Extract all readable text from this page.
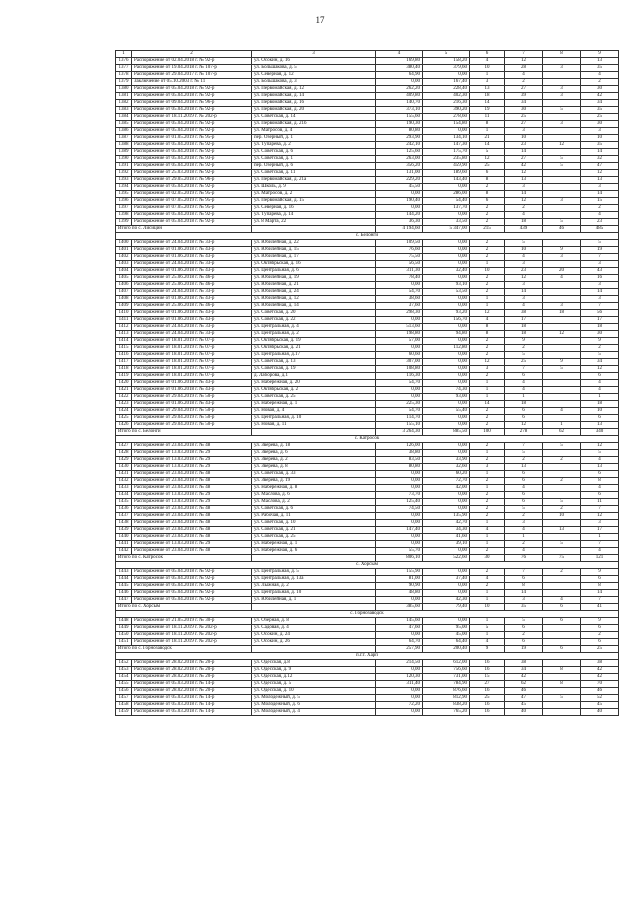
17
1	2	3	4	5	6	7	8	9
1376	Распоряжение от 02.04.2018 г. № 92-р	ул. Осокин, д. 16	169,80	158,20	4	12		13
1377	Распоряжение от 19.04.2018 г. № 107-р	ул. Большакова, д. 5	380,40	379,60	10	28	3	35
1378	Распоряжение от 29.04.2017 г. № 107-р	ул. Северная, д. 12	64,90	0,00	1	4		4
1379	Заключение от 05.10.2003 г. № 11	ул. Большакова, д. 3	0,00	167,40	3	2		2
1380	Распоряжение от 05.04.2018 г. № 92-р	ул. Первомайская, д. 12	262,20	228,40	13	27	3	30
1381	Распоряжение от 05.04.2018 г. № 92-р	ул. Первомайская, д. 14	409,80	402,30	18	39	3	42
1382	Распоряжение от 09.04.2018 г. № 96-р	ул. Первомайская, д. 16	140,70	216,30	14	34		34
1383	Распоряжение от 05.04.2018 г. № 92-р	ул. Первомайская, д. 20	373,10	390,20	19	30	5	35
1384	Распоряжение от 18.11.2019 г. № 202-р	ул. Советская, д. 14	155,60	278,60	11	25		25
1385	Распоряжение от 05.04.2018 г. № 92-р	ул. Первомайская, д. 21б	190,30	154,80	8	27	3	30
1386	Распоряжение от 05.04.2018 г. № 92-р	ул. Матросов, д. 4	80,80	0,00	1	3		3
1387	Распоряжение от 01.05.2019 г. № 95-р	пер. Озерный, д. 1	293,90	134,10	21	10		10
1388	Распоряжение от 05.04.2018 г. № 92-р	ул. Тупарева, д. 2	242,10	147,30	14	23	12	35
1389	Распоряжение от 05.04.2018 г. № 92-р	ул. Советская, д. 6	125,60	175,70	5	14		14
1390	Распоряжение от 05.04.2018 г. № 93-р	ул. Советская, д. 1	263,00	235,80	12	27	5	32
1391	Распоряжение от 05.04.2018 г. № 92-р	пер. Озерный, д. 6	356,20	459,90	25	42	5	47
1392	Распоряжение от 25.03.2018 г. № 92-р	ул. Советская, д. 11	131,00	189,60	6	12		12
1393	Распоряжение от 29.05.2018 г. № 96-р	ул. Первомайская, д. 21а	229,20	143,40	8	13		13
1394	Распоряжение от 05.04.2018 г. № 92-р	ул. Школь, д. 9	45,50	0,00	2	3		3
1395	Распоряжение от 02.05.2019 г. № 95-р	ул. Матросов, д. 2	0,00	286,00	8	14		14
1396	Распоряжение от 07.05.2019 г. № 95-р	ул. Первомайская, д. 15	190,40	54,40	6	12	3	15
1397	Распоряжение от 07.05.2019 г. № 95-р	ул. Северная, д. 16	0,00	137,70	2	2		2
1398	Распоряжение от 05.04.2018 г. № 92-р	ул. Тупарева, д. 14	144,20	0,00	2	4		4
1399	Распоряжение от 05.04.2018 г. № 92-р	ул. 8 Марта, 22	36,30	33,50	2	18	5	23
Итого по с. Лисицин			4 194,60	5 347,00	215	439	46	485
с. Белонги								
1400	Распоряжение от 24.04.2018 г. № 33-р	ул. Юбилейная, д. 22	109,50	0,00	2	5		5
1401	Распоряжение от 01.06.2018 г. № 43-р	ул. Юбилейная, д. 15	76,60	0,00	2	10	9	19
1402	Распоряжение от 01.06.2018 г. № 43-р	ул. Юбилейная, д. 17	75,50	0,00	2	4	3	7
1403	Распоряжение от 24.04.2018 г. № 33-р	ул. Октябрьская, д. 16	56,50	0,00	1	3		3
1404	Распоряжение от 01.06.2018 г. № 43-р	ул. Центральная, д. 6	311,30	32,40	10	23	20	43
1405	Распоряжение от 25.06.2018 г. № 46-р	ул. Юбилейная, д. 19	78,40	0,00	2	12	4	16
1406	Распоряжение от 25.06.2018 г. № 46-р	ул. Юбилейная, д. 21	0,00	93,10	2	3		3
1407	Распоряжение от 24.04.2018 г. № 33-р	ул. Юбилейная, д. 24	54,70	53,50	2	14		14
1408	Распоряжение от 01.06.2018 г. № 43-р	ул. Юбилейная, д. 12	38,60	0,00	1	3		3
1409	Распоряжение от 25.06.2018 г. № 46-р	ул. Юбилейная, д. 14	37,60	0,00	1	4	3	7
1410	Распоряжение от 01.06.2018 г. № 43-р	ул. Советская, д. 20	298,30	93,20	12	38	18	56
1411	Распоряжение от 01.06.2018 г. № 43-р	ул. Советская, д. 22	0,00	156,70	4	17		17
1412	Распоряжение от 24.04.2018 г. № 33-р	ул. Центральная, д. 4	513,60	0,00	8	18		18
1413	Распоряжение от 24.04.2018 г. № 33-р	ул. Центральная, д. 2	198,80	94,80	8	18	12	30
1414	Распоряжение от 18.01.2019 г. № 07-р	ул. Октябрьская, д. 19	57,00	0,00	2	9		9
1415	Распоряжение от 18.01.2019 г. № 07-р	ул. Октябрьская, д. 21	0,00	112,80	2	2		2
1416	Распоряжение от 18.01.2019 г. № 07-р	ул. Центральная, д.17	60,60	0,00	2	5		5
1417	Распоряжение от 18.01.2019 г. № 07-р	ул. Советская, д. 13	307,00	0,00	12	25	9	34
1418	Распоряжение от 18.01.2019 г. № 07-р	ул. Советская, д. 19	108,80	0,00	3	7	5	12
1419	Распоряжение от 18.01.2019 г. № 07-р	д. Лаборова, д.1	116,30	0,00	2	6		6
1420	Распоряжение от 01.06.2018 г. № 43-р	ул. Набережная, д. 20	54,70	0,00	1	4		4
1421	Распоряжение от 01.06.2018 г. № 43-р	ул. Октябрьская, д. 2	0,00	74,30	1	4		4
1422	Распоряжение от 29.04.2019 г. № 50-р	ул. Советская, д. 25	0,00	93,00	1	1		1
1423	Распоряжение от 01.06.2018 г. № 43-р	ул. Набережная, д. 1	225,30	0,00	14	18		18
1424	Распоряжение от 29.04.2019 г. № 50-р	ул. Новая, д. 4	54,70	55,40	2	6	4	10
1425	Распоряжение от 29.04.2019 г. № 50-р	ул. Центральная, д. 10	114,70	0,00	2	6		6
1426	Распоряжение от 29.04.2019 г. № 50-р	ул. Новая, д. 11	155,10	0,00	2	12	1	13
Итого по с. Белонги			3 264,30	885,50	100	278	62	340
с. Катросок								
1427	Распоряжение от 23.04.2018 г. № 48	ул. Зверева, д. 18	126,00	0,00	2	7	5	12
1428	Распоряжение от 13.03.2018 г. № 29	ул. Зверева, д. 6	38,80	0,00	1	5		5
1429	Распоряжение от 13.03.2018 г. № 29	ул. Зверева, д. 2	83,50	33,90	2	2	2	4
1430	Распоряжение от 13.03.2018 г. № 29	ул. Зверева, д. 8	80,80	32,60	3	13		13
1431	Распоряжение от 23.04.2018 г. № 48	ул. Советская, д. 33	0,00	60,20	1	6		6
1432	Распоряжение от 23.04.2018 г. № 48	ул. Зверева, д. 19	0,00	72,70	2	6	2	8
1433	Распоряжение от 23.04.2018 г. № 48	ул. Набережная, д. 8	0,00	42,00	1	4		4
1434	Распоряжение от 13.03.2018 г. № 29	ул. Маслова, д. 6	73,70	0,00	2	6		6
1435	Распоряжение от 13.03.2018 г. № 29	ул. Маслова, д. 2	125,40	0,00	2	6	5	11
1436	Распоряжение от 23.04.2018 г. № 48	ул. Советская, д. 6	74,50	0,00	2	5	2	7
1437	Распоряжение от 23.04.2018 г. № 48	ул. Рабочая, д. 11	0,00	135,90	2	2	10	12
1438	Распоряжение от 23.04.2018 г. № 48	ул. Советская, д. 10	0,00	42,70	1	3		3
1439	Распоряжение от 23.04.2018 г. № 48	ул. Советская, д. 21	147,40	34,30	4	4	13	17
1440	Распоряжение от 23.04.2018 г. № 48	ул. Советская, д. 25	0,00	41,60	1	1		1
1441	Распоряжение от 13.03.2018 г. № 29	ул. Набережная, д. 1	0,00	39,10	1	2	5	7
1442	Распоряжение от 23.04.2018 г. № 48	ул. Набережная, д. 6	55,70	0,00	2	4		4
Итого по с. Катросок			806,10	522,60	30	76	75	121
с. Хорсым								
1443	Распоряжение от 05.04.2018 г. № 92-р	ул. Центральная, д. 5	155,90	0,00	2	7	2	9
1444	Распоряжение от 05.04.2018 г. № 92-р	ул. Центральная, д. 13а	81,00	37,40	4	6		6
1445	Распоряжение от 05.04.2018 г. № 92-р	ул. Лыжная, д. 2	90,90	0,00	2	8		8
1446	Распоряжение от 05.04.2018 г. № 92-р	ул. Центральная, д. 10	48,80	0,00	1	14		14
1447	Распоряжение от 05.04.2018 г. № 92-р	ул. Юбилейная, д. 1	0,00	42,30	1	3	4	7
Итого по с. Хорсым			385,60	79,40	10	35	6	41
с. Горнозаводск								
1448	Распоряжение от 21.05.2019 г. № 30-р	ул. Озерная, д. 8	145,60	0,00	1	5	6	9
1449	Распоряжение от 18.11.2019 г. № 202-р	ул. Садовая, д. 4	47,60	95,00	5	6		6
1450	Распоряжение от 18.11.2019 г. № 202-р	ул. Осокин, д. 24	0,00	45,00	1	2		2
1451	Распоряжение от 18.11.2019 г. № 202-р	ул. Осокин, д. 26	64,70	64,40	4	6		6
Итого по с. Горнозаводск			257,90	200,40	9	19	6	25
п.г.т. Харп								
1452	Распоряжение от 28.02.2018 г. № 20-р	ул. Одесская, д.8	214,50	612,00	16	38		38
1453	Распоряжение от 28.02.2018 г. № 20-р	ул. Одесская, д. 9	0,00	756,60	16	34	8	42
1454	Распоряжение от 28.02.2018 г. № 20-р	ул. Одесская, д.12	120,30	731,00	15	42		42
1455	Распоряжение от 05.03.2018 г. № 14-р	ул. Одесская, д. 5	311,40	784,90	27	62	8	70
1456	Распоряжение от 28.02.2018 г. № 20-р	ул. Одесская, д. 10	0,00	876,60	16	46		46
1457	Распоряжение от 05.03.2018 г. № 14-р	ул. Молодежный, д. 5	0,00	812,90	25	47	5	52
1458	Распоряжение от 05.03.2018 г. № 14-р	ул. Молодежный, д. 6	72,20	838,20	16	45		45
1459	Распоряжение от 05.03.2018 г. № 14-р	ул. Молодежный, д. 4	0,00	765,20	16	40		40
